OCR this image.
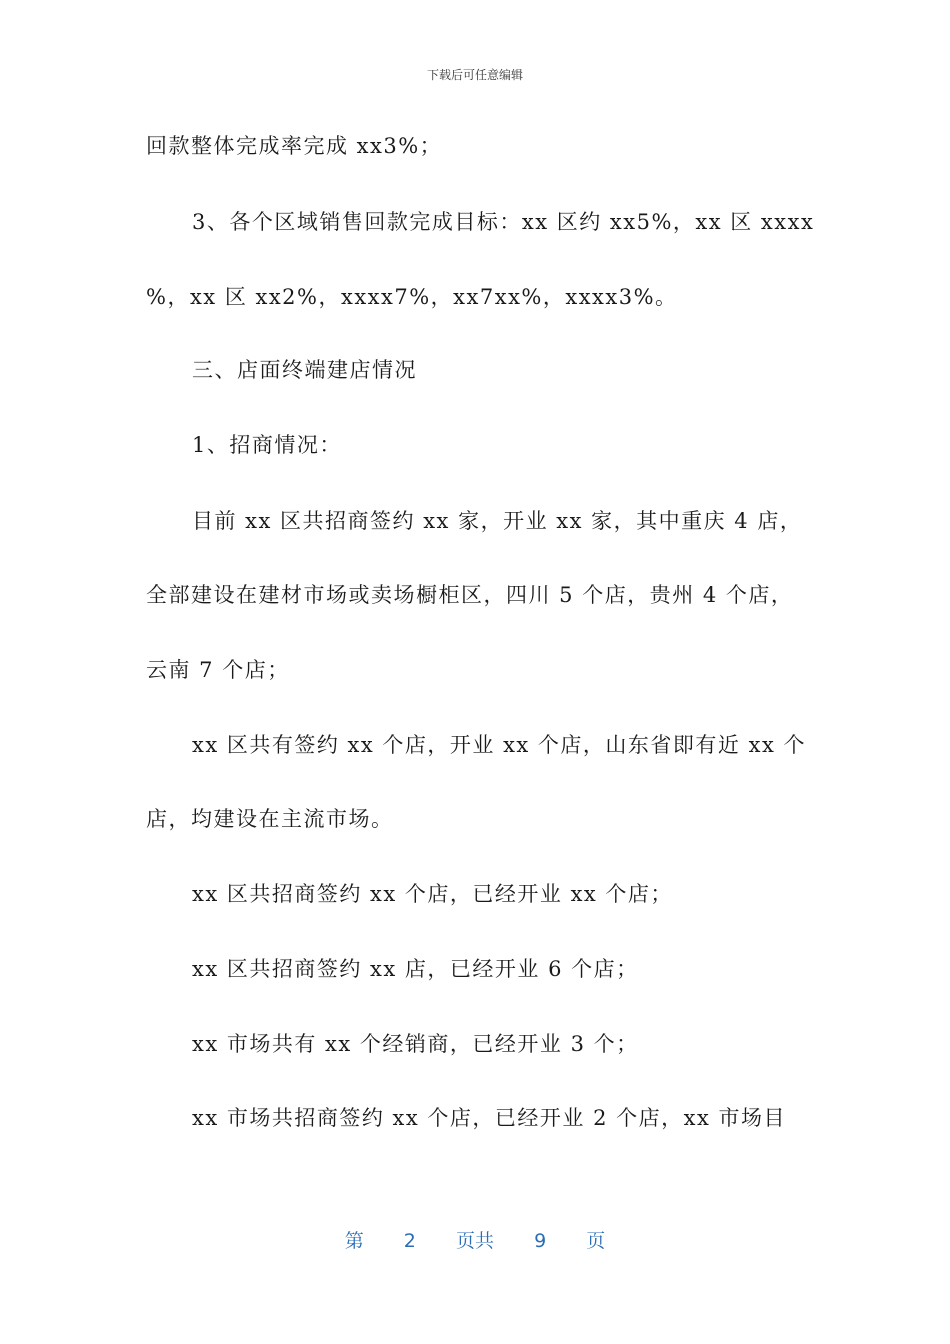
下载后可任意编辑
回款整体完成率完成 xx3%；
3、各个区域销售回款完成目标：xx 区约 xx5%，xx 区 xxxx
%，xx 区 xx2%，xxxx7%，xx7xx%，xxxx3%。
三、店面终端建店情况
1、招商情况：
目前 xx 区共招商签约 xx 家，开业 xx 家，其中重庆 4 店，
全部建设在建材市场或卖场橱柜区，四川 5 个店，贵州 4 个店，
云南 7 个店；
xx 区共有签约 xx 个店，开业 xx 个店，山东省即有近 xx 个
店，均建设在主流市场。
xx 区共招商签约 xx 个店，已经开业 xx 个店；
xx 区共招商签约 xx 店，已经开业 6 个店；
xx 市场共有 xx 个经销商，已经开业 3 个；
xx 市场共招商签约 xx 个店，已经开业 2 个店，xx 市场目
第 2 页共 9 页
